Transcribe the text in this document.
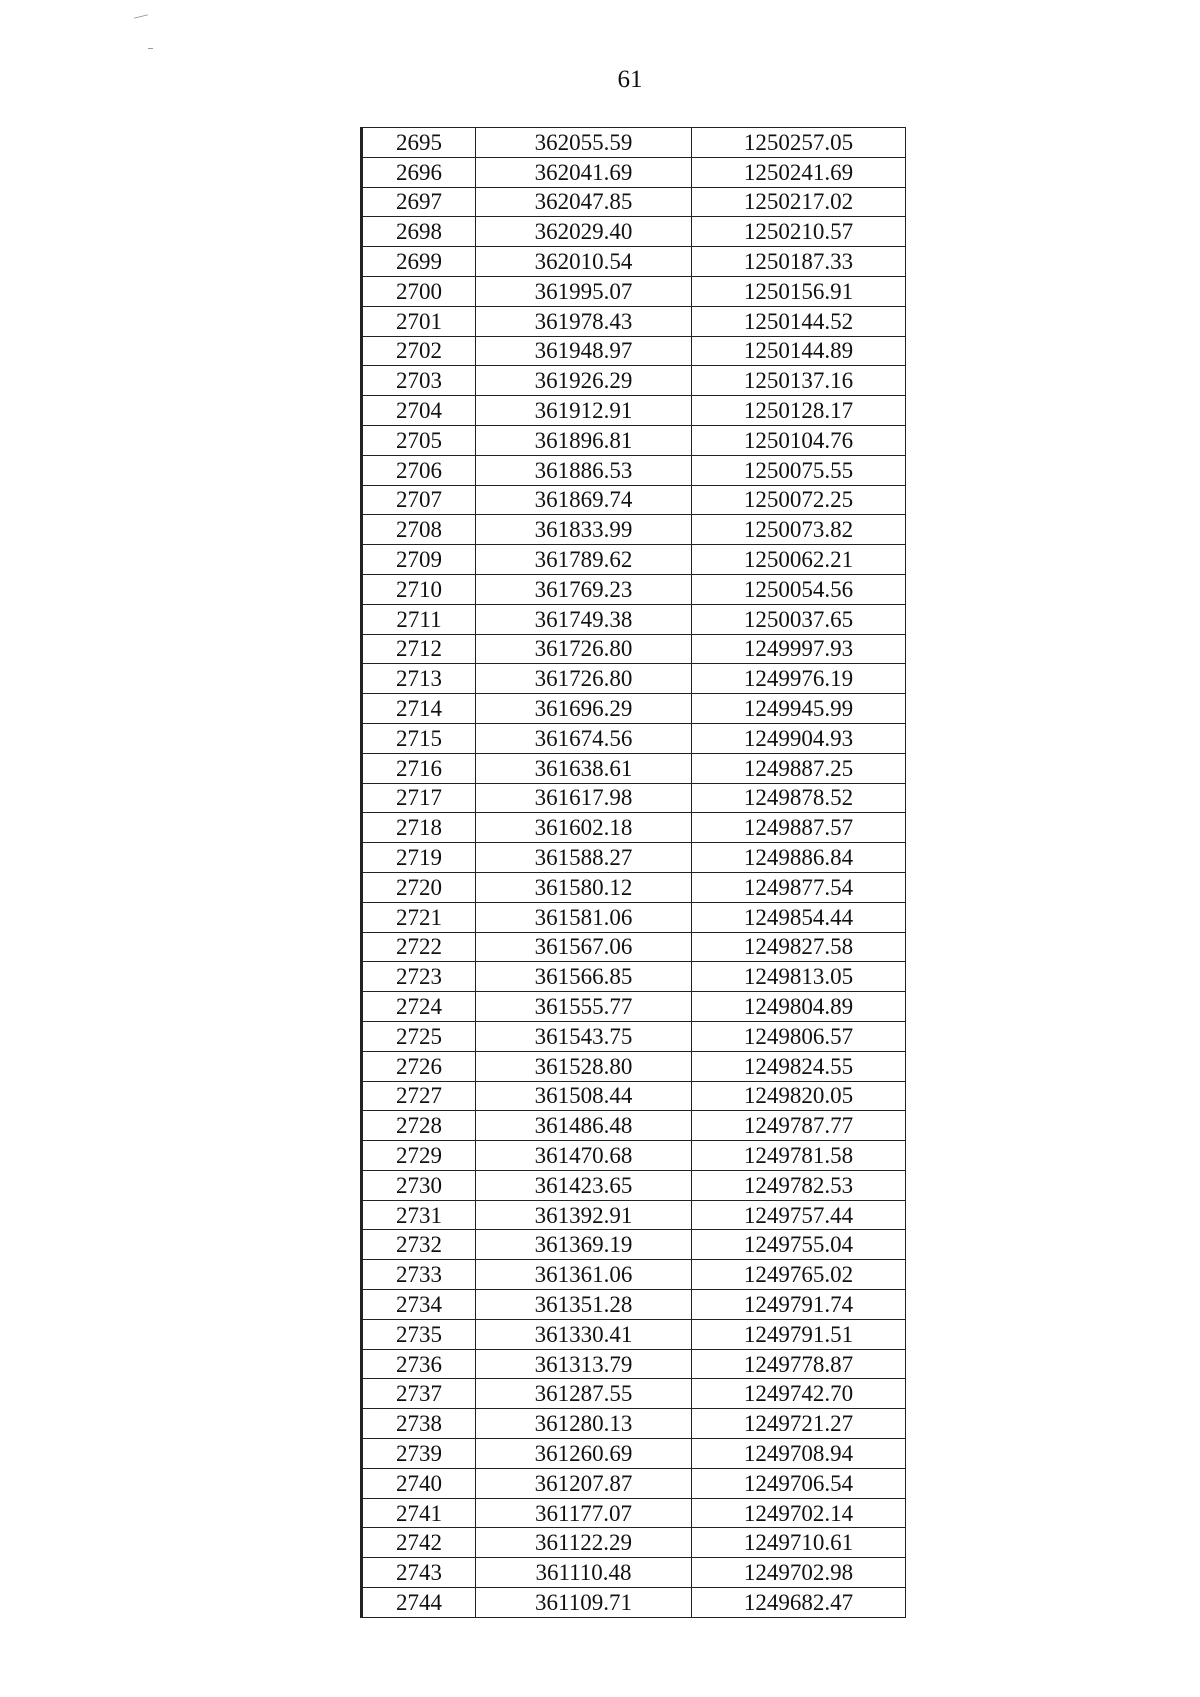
61
2695	362055.59	1250257.05
2696	362041.69	1250241.69
2697	362047.85	1250217.02
2698	362029.40	1250210.57
2699	362010.54	1250187.33
2700	361995.07	1250156.91
2701	361978.43	1250144.52
2702	361948.97	1250144.89
2703	361926.29	1250137.16
2704	361912.91	1250128.17
2705	361896.81	1250104.76
2706	361886.53	1250075.55
2707	361869.74	1250072.25
2708	361833.99	1250073.82
2709	361789.62	1250062.21
2710	361769.23	1250054.56
2711	361749.38	1250037.65
2712	361726.80	1249997.93
2713	361726.80	1249976.19
2714	361696.29	1249945.99
2715	361674.56	1249904.93
2716	361638.61	1249887.25
2717	361617.98	1249878.52
2718	361602.18	1249887.57
2719	361588.27	1249886.84
2720	361580.12	1249877.54
2721	361581.06	1249854.44
2722	361567.06	1249827.58
2723	361566.85	1249813.05
2724	361555.77	1249804.89
2725	361543.75	1249806.57
2726	361528.80	1249824.55
2727	361508.44	1249820.05
2728	361486.48	1249787.77
2729	361470.68	1249781.58
2730	361423.65	1249782.53
2731	361392.91	1249757.44
2732	361369.19	1249755.04
2733	361361.06	1249765.02
2734	361351.28	1249791.74
2735	361330.41	1249791.51
2736	361313.79	1249778.87
2737	361287.55	1249742.70
2738	361280.13	1249721.27
2739	361260.69	1249708.94
2740	361207.87	1249706.54
2741	361177.07	1249702.14
2742	361122.29	1249710.61
2743	361110.48	1249702.98
2744	361109.71	1249682.47
